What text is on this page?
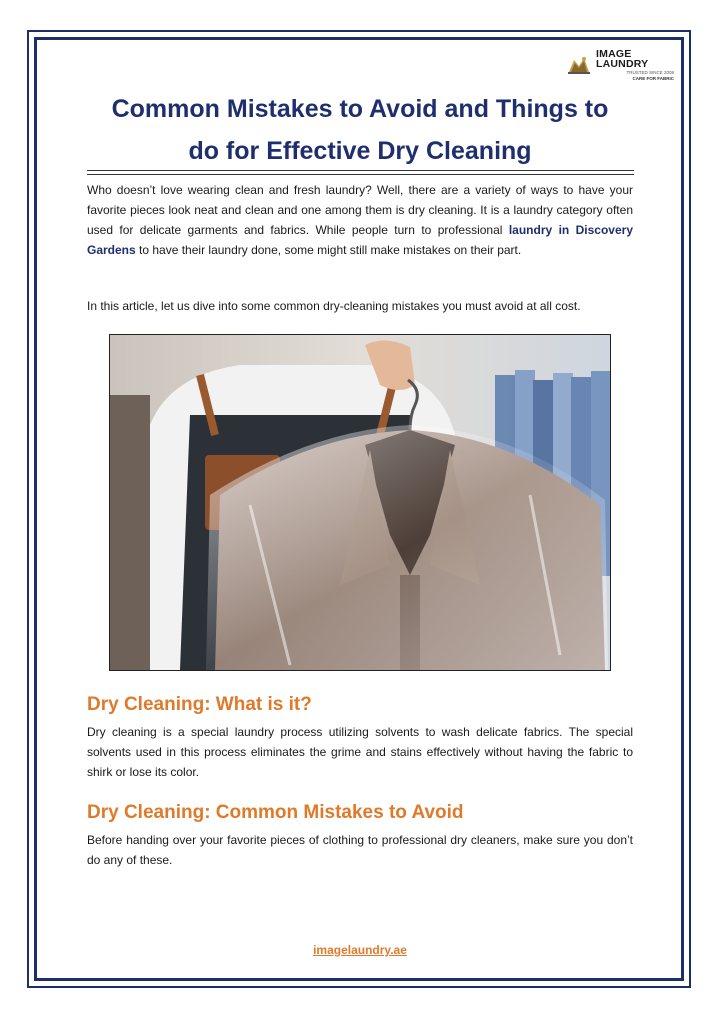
IMAGE LAUNDRY
TRUSTED SINCE 2008
CARE FOR FABRIC
Common Mistakes to Avoid and Things to
do for Effective Dry Cleaning
Who doesn’t love wearing clean and fresh laundry? Well, there are a variety of ways to have your favorite pieces look neat and clean and one among them is dry cleaning. It is a laundry category often used for delicate garments and fabrics. While people turn to professional laundry in Discovery Gardens to have their laundry done, some might still make mistakes on their part.
In this article, let us dive into some common dry-cleaning mistakes you must avoid at all cost.
Dry Cleaning: What is it?
Dry cleaning is a special laundry process utilizing solvents to wash delicate fabrics. The special solvents used in this process eliminates the grime and stains effectively without having the fabric to shirk or lose its color.
Dry Cleaning: Common Mistakes to Avoid
Before handing over your favorite pieces of clothing to professional dry cleaners, make sure you don’t do any of these.
imagelaundry.ae
